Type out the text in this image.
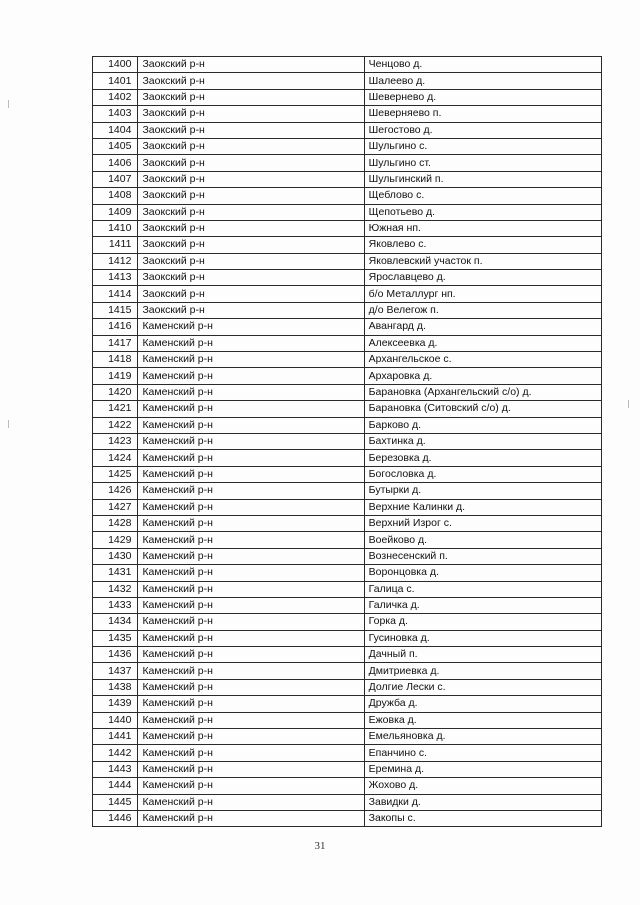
1400	Заокский р-н	Ченцово д.
1401	Заокский р-н	Шалеево д.
1402	Заокский р-н	Шевернево д.
1403	Заокский р-н	Шеверняево п.
1404	Заокский р-н	Шегостово д.
1405	Заокский р-н	Шульгино с.
1406	Заокский р-н	Шульгино ст.
1407	Заокский р-н	Шульгинский п.
1408	Заокский р-н	Щеблово с.
1409	Заокский р-н	Щепотьево д.
1410	Заокский р-н	Южная нп.
1411	Заокский р-н	Яковлево с.
1412	Заокский р-н	Яковлевский участок п.
1413	Заокский р-н	Ярославцево д.
1414	Заокский р-н	б/о Металлург нп.
1415	Заокский р-н	д/о Велегож п.
1416	Каменский р-н	Авангард д.
1417	Каменский р-н	Алексеевка д.
1418	Каменский р-н	Архангельское с.
1419	Каменский р-н	Архаровка д.
1420	Каменский р-н	Барановка (Архангельский с/о) д.
1421	Каменский р-н	Барановка (Ситовский с/о) д.
1422	Каменский р-н	Барково д.
1423	Каменский р-н	Бахтинка д.
1424	Каменский р-н	Березовка д.
1425	Каменский р-н	Богословка д.
1426	Каменский р-н	Бутырки д.
1427	Каменский р-н	Верхние Калинки д.
1428	Каменский р-н	Верхний Изрог с.
1429	Каменский р-н	Воейково д.
1430	Каменский р-н	Вознесенский п.
1431	Каменский р-н	Воронцовка д.
1432	Каменский р-н	Галица с.
1433	Каменский р-н	Галичка д.
1434	Каменский р-н	Горка д.
1435	Каменский р-н	Гусиновка д.
1436	Каменский р-н	Дачный п.
1437	Каменский р-н	Дмитриевка д.
1438	Каменский р-н	Долгие Лески с.
1439	Каменский р-н	Дружба д.
1440	Каменский р-н	Ежовка д.
1441	Каменский р-н	Емельяновка д.
1442	Каменский р-н	Епанчино с.
1443	Каменский р-н	Еремина д.
1444	Каменский р-н	Жохово д.
1445	Каменский р-н	Завидки д.
1446	Каменский р-н	Закопы с.
31
